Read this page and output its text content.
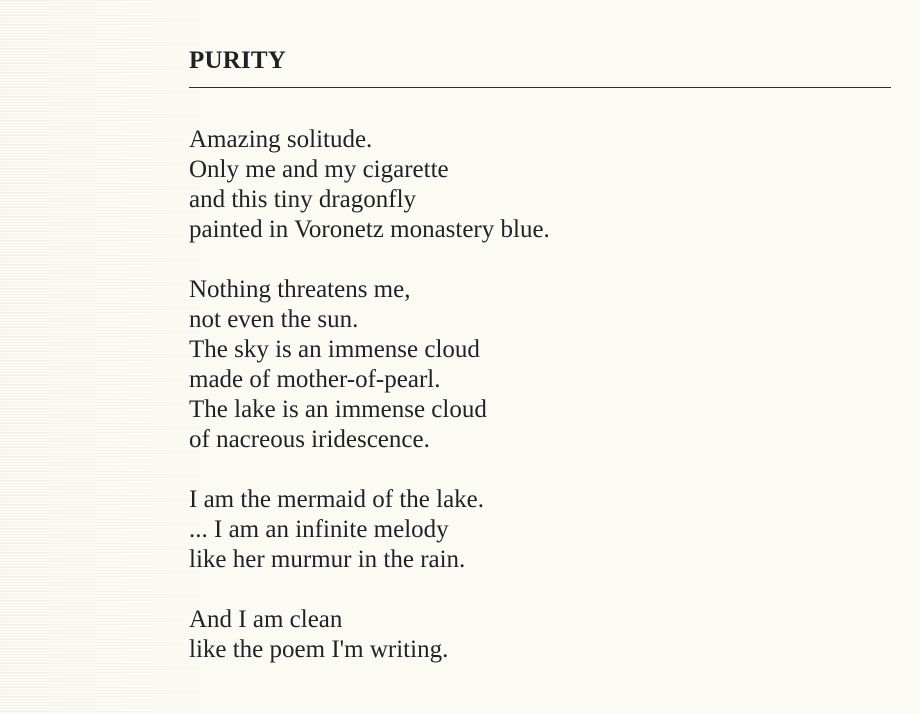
PURITY

Amazing solitude.
Only me and my cigarette
and this tiny dragonfly
painted in Voronetz monastery blue.

Nothing threatens me,
not even the sun.
The sky is an immense cloud
made of mother-of-pearl.
The lake is an immense cloud
of nacreous iridescence.

I am the mermaid of the lake.
... I am an infinite melody
like her murmur in the rain.

And I am clean
like the poem I'm writing.
